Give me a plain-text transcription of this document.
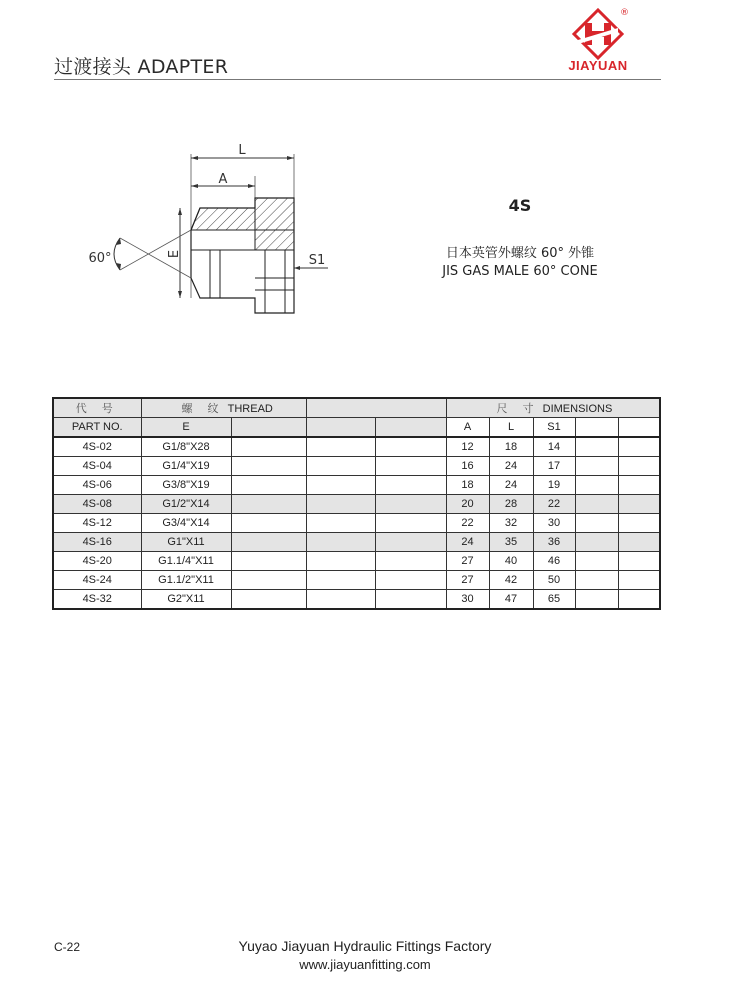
过渡接头 ADAPTER
®
JIAYUAN
L
A
E	S1
60°
4S
日本英管外螺纹 60° 外锥
JIS GAS MALE 60° CONE
代 号	螺 纹 THREAD				尺 寸 DIMENSIONS				
PART NO.	E				A	L	S1		
4S-02	G1/8"X28				12	18	14		
4S-04	G1/4"X19				16	24	17		
4S-06	G3/8"X19				18	24	19		
4S-08	G1/2"X14				20	28	22		
4S-12	G3/4"X14				22	32	30		
4S-16	G1"X11				24	35	36		
4S-20	G1.1/4"X11				27	40	46		
4S-24	G1.1/2"X11				27	42	50		
4S-32	G2"X11				30	47	65		
C-22	Yuyao Jiayuan Hydraulic Fittings Factory
www.jiayuanfitting.com
